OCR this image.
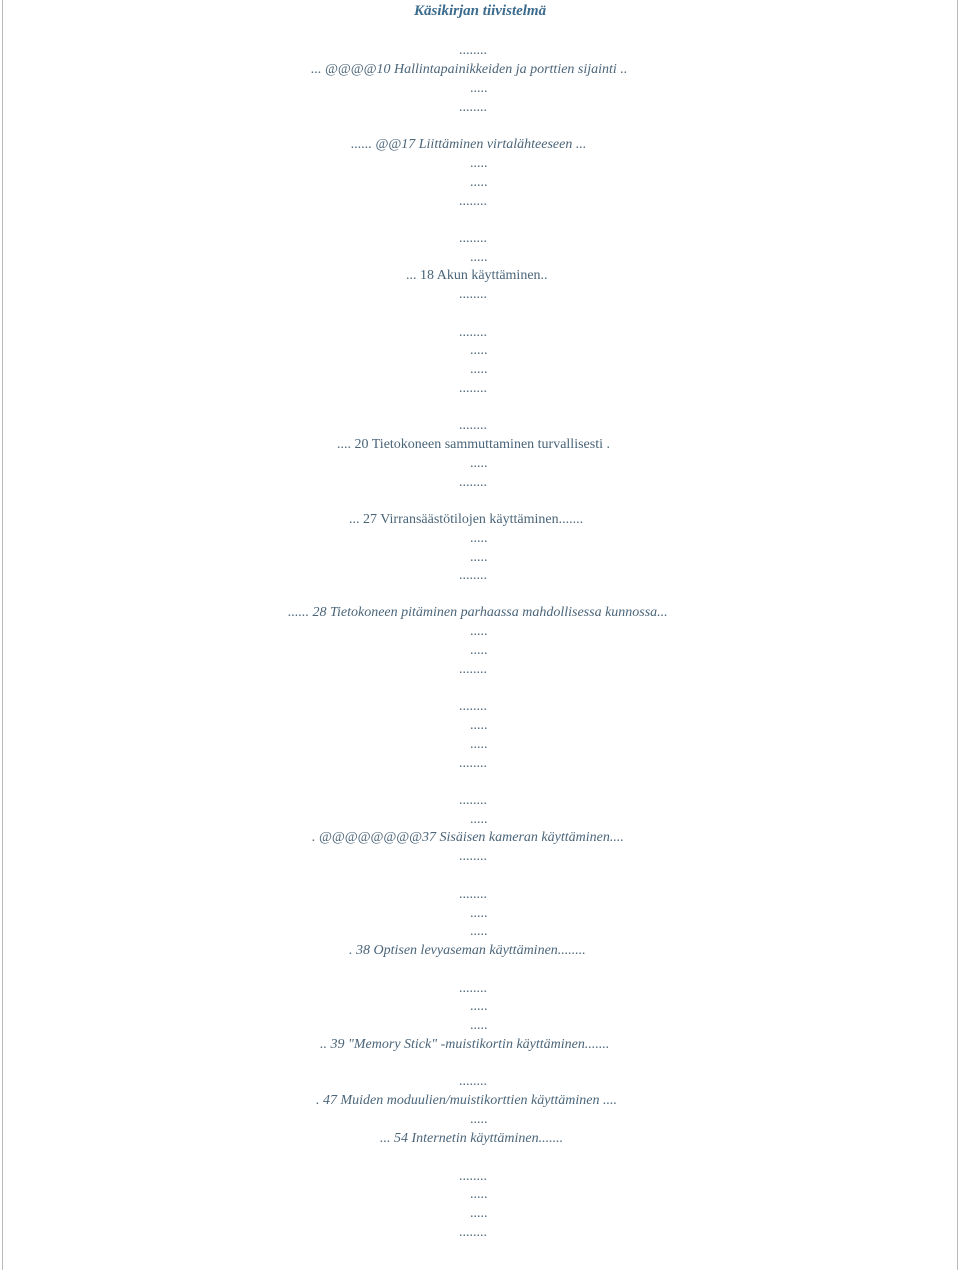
Käsikirjan tiivistelmä
........
... @@@@10 Hallintapainikkeiden ja porttien sijainti ..
.....
........
...... @@17 Liittäminen virtalähteeseen ...
.....
.....
........
........
.....
... 18 Akun käyttäminen..
........
........
.....
.....
........
........
.... 20 Tietokoneen sammuttaminen turvallisesti .
.....
........
... 27 Virransäästötilojen käyttäminen.......
.....
.....
........
...... 28 Tietokoneen pitäminen parhaassa mahdollisessa kunnossa...
.....
.....
........
........
.....
.....
........
........
.....
. @@@@@@@@37 Sisäisen kameran käyttäminen....
........
........
.....
.....
. 38 Optisen levyaseman käyttäminen........
........
.....
.....
.. 39 "Memory Stick" -muistikortin käyttäminen.......
........
. 47 Muiden moduulien/muistikorttien käyttäminen ....
.....
... 54 Internetin käyttäminen.......
........
.....
.....
........
